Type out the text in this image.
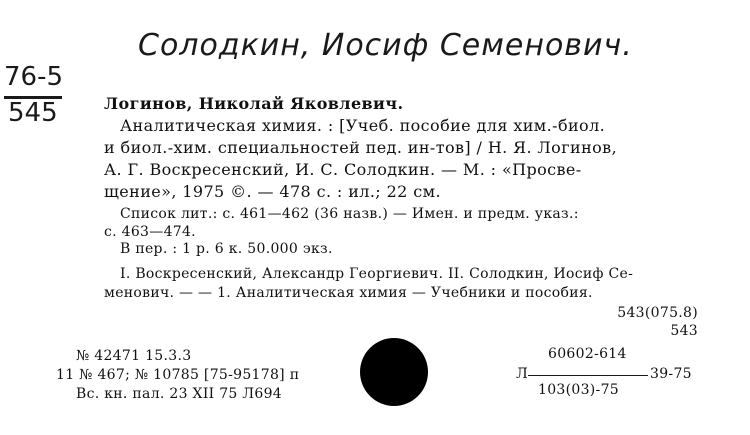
Солодкин, Иосиф Семенович.
76-5
545	Логинов, Николай Яковлевич.
Аналитическая химия. : [Учеб. пособие для хим.-биол.
и биол.-хим. специальностей пед. ин-тов] / Н. Я. Логинов,
А. Г. Воскресенский, И. С. Солодкин. — М. : «Просве-
щение», 1975 ©. — 478 с. : ил.; 22 см.
Список лит.: с. 461—462 (36 назв.) — Имен. и предм. указ.:
с. 463—474.
В пер. : 1 р. 6 к. 50.000 экз.
I. Воскресенский, Александр Георгиевич. II. Солодкин, Иосиф Се-
менович. — — 1. Аналитическая химия — Учебники и пособия.
543(075.8)
543
№ 42471 15.3.3
11 № 467; № 10785 [75-95178] п
Вс. кн. пал. 23 XII 75 Л694
60602-614
Л	39-75
103(03)-75
